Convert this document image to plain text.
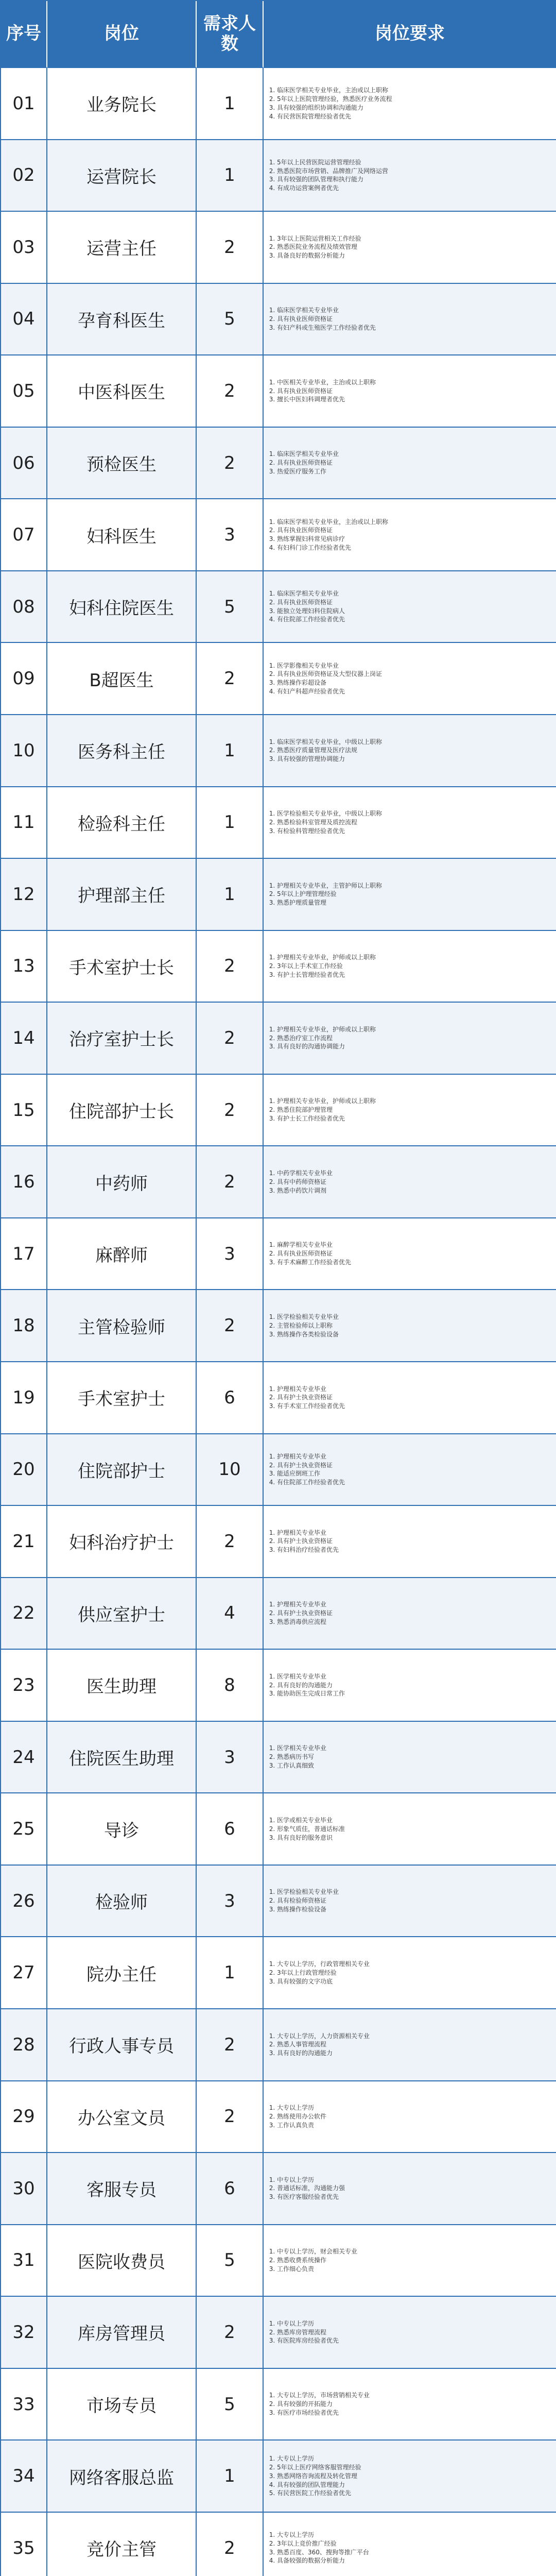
序号	岗位	需求人数	岗位要求
01	业务院长	1
1. 临床医学相关专业毕业，主治或以上职称
2. 5年以上医院管理经验，熟悉医疗业务流程
3. 具有较强的组织协调和沟通能力
4. 有民营医院管理经验者优先
02	运营院长	1
1. 5年以上民营医院运营管理经验
2. 熟悉医院市场营销、品牌推广及网络运营
3. 具有较强的团队管理和执行能力
4. 有成功运营案例者优先
03	运营主任	2	1. 3年以上医院运营相关工作经验
2. 熟悉医院业务流程及绩效管理
3. 具备良好的数据分析能力
04	孕育科医生	5	1. 临床医学相关专业毕业
2. 具有执业医师资格证
3. 有妇产科或生殖医学工作经验者优先
05	中医科医生	2	1. 中医相关专业毕业，主治或以上职称
2. 具有执业医师资格证
3. 擅长中医妇科调理者优先
06	预检医生	2	1. 临床医学相关专业毕业
2. 具有执业医师资格证
3. 热爱医疗服务工作
07	妇科医生	3
1. 临床医学相关专业毕业，主治或以上职称
2. 具有执业医师资格证
3. 熟练掌握妇科常见病诊疗
4. 有妇科门诊工作经验者优先
08	妇科住院医生	5
1. 临床医学相关专业毕业
2. 具有执业医师资格证
3. 能独立处理妇科住院病人
4. 有住院部工作经验者优先
09	B超医生	2
1. 医学影像相关专业毕业
2. 具有执业医师资格证及大型仪器上岗证
3. 熟练操作彩超设备
4. 有妇产科超声经验者优先
10	医务科主任	1	1. 临床医学相关专业毕业，中级以上职称
2. 熟悉医疗质量管理及医疗法规
3. 具有较强的管理协调能力
11	检验科主任	1	1. 医学检验相关专业毕业，中级以上职称
2. 熟悉检验科室管理及质控流程
3. 有检验科管理经验者优先
12	护理部主任	1	1. 护理相关专业毕业，主管护师以上职称
2. 5年以上护理管理经验
3. 熟悉护理质量管理
13	手术室护士长	2	1. 护理相关专业毕业，护师或以上职称
2. 3年以上手术室工作经验
3. 有护士长管理经验者优先
14	治疗室护士长	2	1. 护理相关专业毕业，护师或以上职称
2. 熟悉治疗室工作流程
3. 具有良好的沟通协调能力
15	住院部护士长	2	1. 护理相关专业毕业，护师或以上职称
2. 熟悉住院部护理管理
3. 有护士长工作经验者优先
16	中药师	2	1. 中药学相关专业毕业
2. 具有中药师资格证
3. 熟悉中药饮片调剂
17	麻醉师	3	1. 麻醉学相关专业毕业
2. 具有执业医师资格证
3. 有手术麻醉工作经验者优先
18	主管检验师	2	1. 医学检验相关专业毕业
2. 主管检验师以上职称
3. 熟练操作各类检验设备
19	手术室护士	6	1. 护理相关专业毕业
2. 具有护士执业资格证
3. 有手术室工作经验者优先
20	住院部护士	10
1. 护理相关专业毕业
2. 具有护士执业资格证
3. 能适应倒班工作
4. 有住院部工作经验者优先
21	妇科治疗护士	2	1. 护理相关专业毕业
2. 具有护士执业资格证
3. 有妇科治疗经验者优先
22	供应室护士	4	1. 护理相关专业毕业
2. 具有护士执业资格证
3. 熟悉消毒供应流程
23	医生助理	8	1. 医学相关专业毕业
2. 具有良好的沟通能力
3. 能协助医生完成日常工作
24	住院医生助理	3	1. 医学相关专业毕业
2. 熟悉病历书写
3. 工作认真细致
25	导诊	6	1. 医学或相关专业毕业
2. 形象气质佳，普通话标准
3. 具有良好的服务意识
26	检验师	3	1. 医学检验相关专业毕业
2. 具有检验师资格证
3. 熟练操作检验设备
27	院办主任	1	1. 大专以上学历，行政管理相关专业
2. 3年以上行政管理经验
3. 具有较强的文字功底
28	行政人事专员	2	1. 大专以上学历，人力资源相关专业
2. 熟悉人事管理流程
3. 具有良好的沟通能力
29	办公室文员	2	1. 大专以上学历
2. 熟练使用办公软件
3. 工作认真负责
30	客服专员	6	1. 中专以上学历
2. 普通话标准，沟通能力强
3. 有医疗客服经验者优先
31	医院收费员	5	1. 中专以上学历，财会相关专业
2. 熟悉收费系统操作
3. 工作细心负责
32	库房管理员	2	1. 中专以上学历
2. 熟悉库房管理流程
3. 有医院库房经验者优先
33	市场专员	5	1. 大专以上学历，市场营销相关专业
2. 具有较强的开拓能力
3. 有医疗市场经验者优先
34	网络客服总监	1
1. 大专以上学历
2. 5年以上医疗网络客服管理经验
3. 熟悉网络咨询流程及转化管理
4. 具有较强的团队管理能力
5. 有民营医院工作经验者优先
35	竞价主管	2
1. 大专以上学历
2. 3年以上竞价推广经验
3. 熟悉百度、360、搜狗等推广平台
4. 具备较强的数据分析能力
